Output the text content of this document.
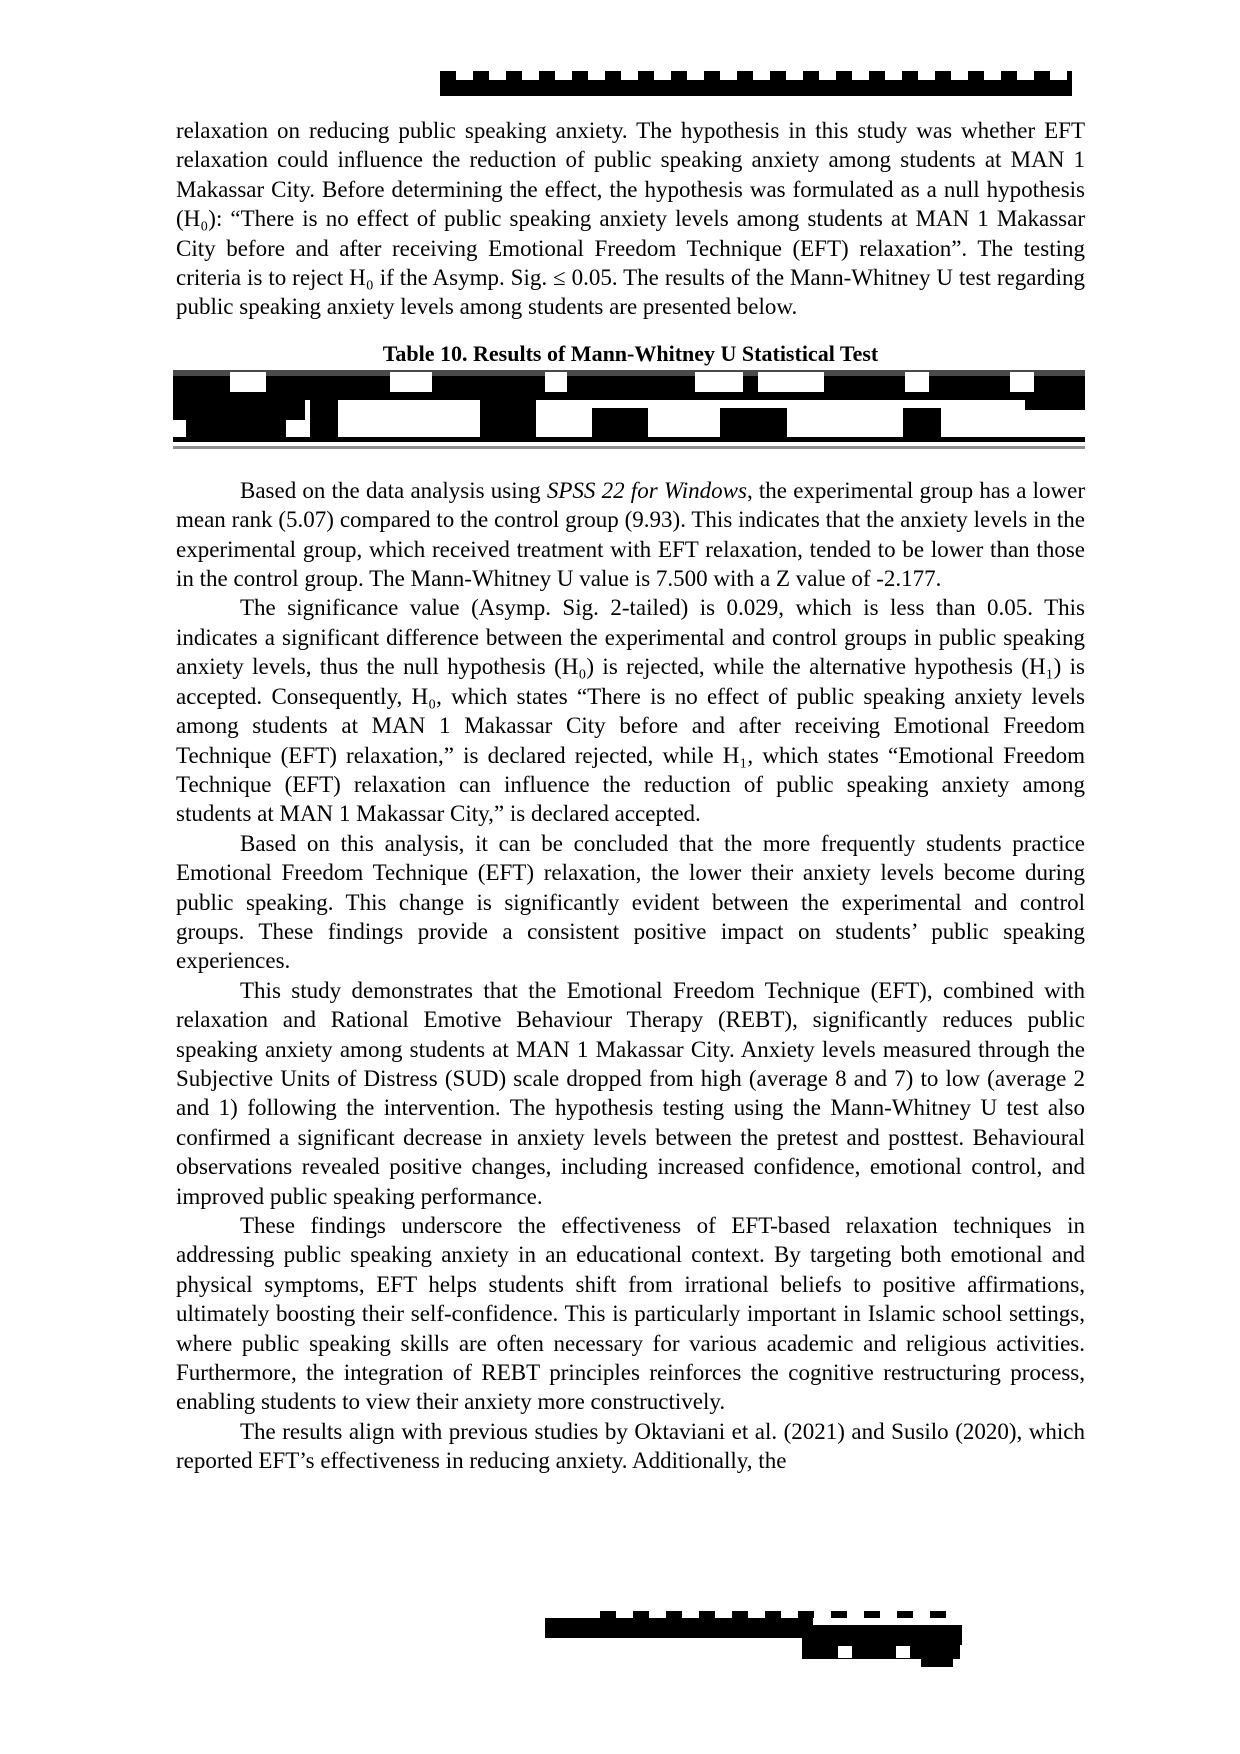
relaxation on reducing public speaking anxiety. The hypothesis in this study was whether EFT relaxation could influence the reduction of public speaking anxiety among students at MAN 1 Makassar City. Before determining the effect, the hypothesis was formulated as a null hypothesis (H₀): “There is no effect of public speaking anxiety levels among students at MAN 1 Makassar City before and after receiving Emotional Freedom Technique (EFT) relaxation”. The testing criteria is to reject H₀ if the Asymp. Sig. ≤ 0.05. The results of the Mann-Whitney U test regarding public speaking anxiety levels among students are presented below.

Table 10. Results of Mann-Whitney U Statistical Test

Based on the data analysis using SPSS 22 for Windows, the experimental group has a lower mean rank (5.07) compared to the control group (9.93). This indicates that the anxiety levels in the experimental group, which received treatment with EFT relaxation, tended to be lower than those in the control group. The Mann-Whitney U value is 7.500 with a Z value of -2.177.

The significance value (Asymp. Sig. 2-tailed) is 0.029, which is less than 0.05. This indicates a significant difference between the experimental and control groups in public speaking anxiety levels, thus the null hypothesis (H₀) is rejected, while the alternative hypothesis (H₁) is accepted. Consequently, H₀, which states “There is no effect of public speaking anxiety levels among students at MAN 1 Makassar City before and after receiving Emotional Freedom Technique (EFT) relaxation,” is declared rejected, while H₁, which states “Emotional Freedom Technique (EFT) relaxation can influence the reduction of public speaking anxiety among students at MAN 1 Makassar City,” is declared accepted.

Based on this analysis, it can be concluded that the more frequently students practice Emotional Freedom Technique (EFT) relaxation, the lower their anxiety levels become during public speaking. This change is significantly evident between the experimental and control groups. These findings provide a consistent positive impact on students’ public speaking experiences.

This study demonstrates that the Emotional Freedom Technique (EFT), combined with relaxation and Rational Emotive Behaviour Therapy (REBT), significantly reduces public speaking anxiety among students at MAN 1 Makassar City. Anxiety levels measured through the Subjective Units of Distress (SUD) scale dropped from high (average 8 and 7) to low (average 2 and 1) following the intervention. The hypothesis testing using the Mann-Whitney U test also confirmed a significant decrease in anxiety levels between the pretest and posttest. Behavioural observations revealed positive changes, including increased confidence, emotional control, and improved public speaking performance.

These findings underscore the effectiveness of EFT-based relaxation techniques in addressing public speaking anxiety in an educational context. By targeting both emotional and physical symptoms, EFT helps students shift from irrational beliefs to positive affirmations, ultimately boosting their self-confidence. This is particularly important in Islamic school settings, where public speaking skills are often necessary for various academic and religious activities. Furthermore, the integration of REBT principles reinforces the cognitive restructuring process, enabling students to view their anxiety more constructively.

The results align with previous studies by Oktaviani et al. (2021) and Susilo (2020), which reported EFT’s effectiveness in reducing anxiety. Additionally, the
